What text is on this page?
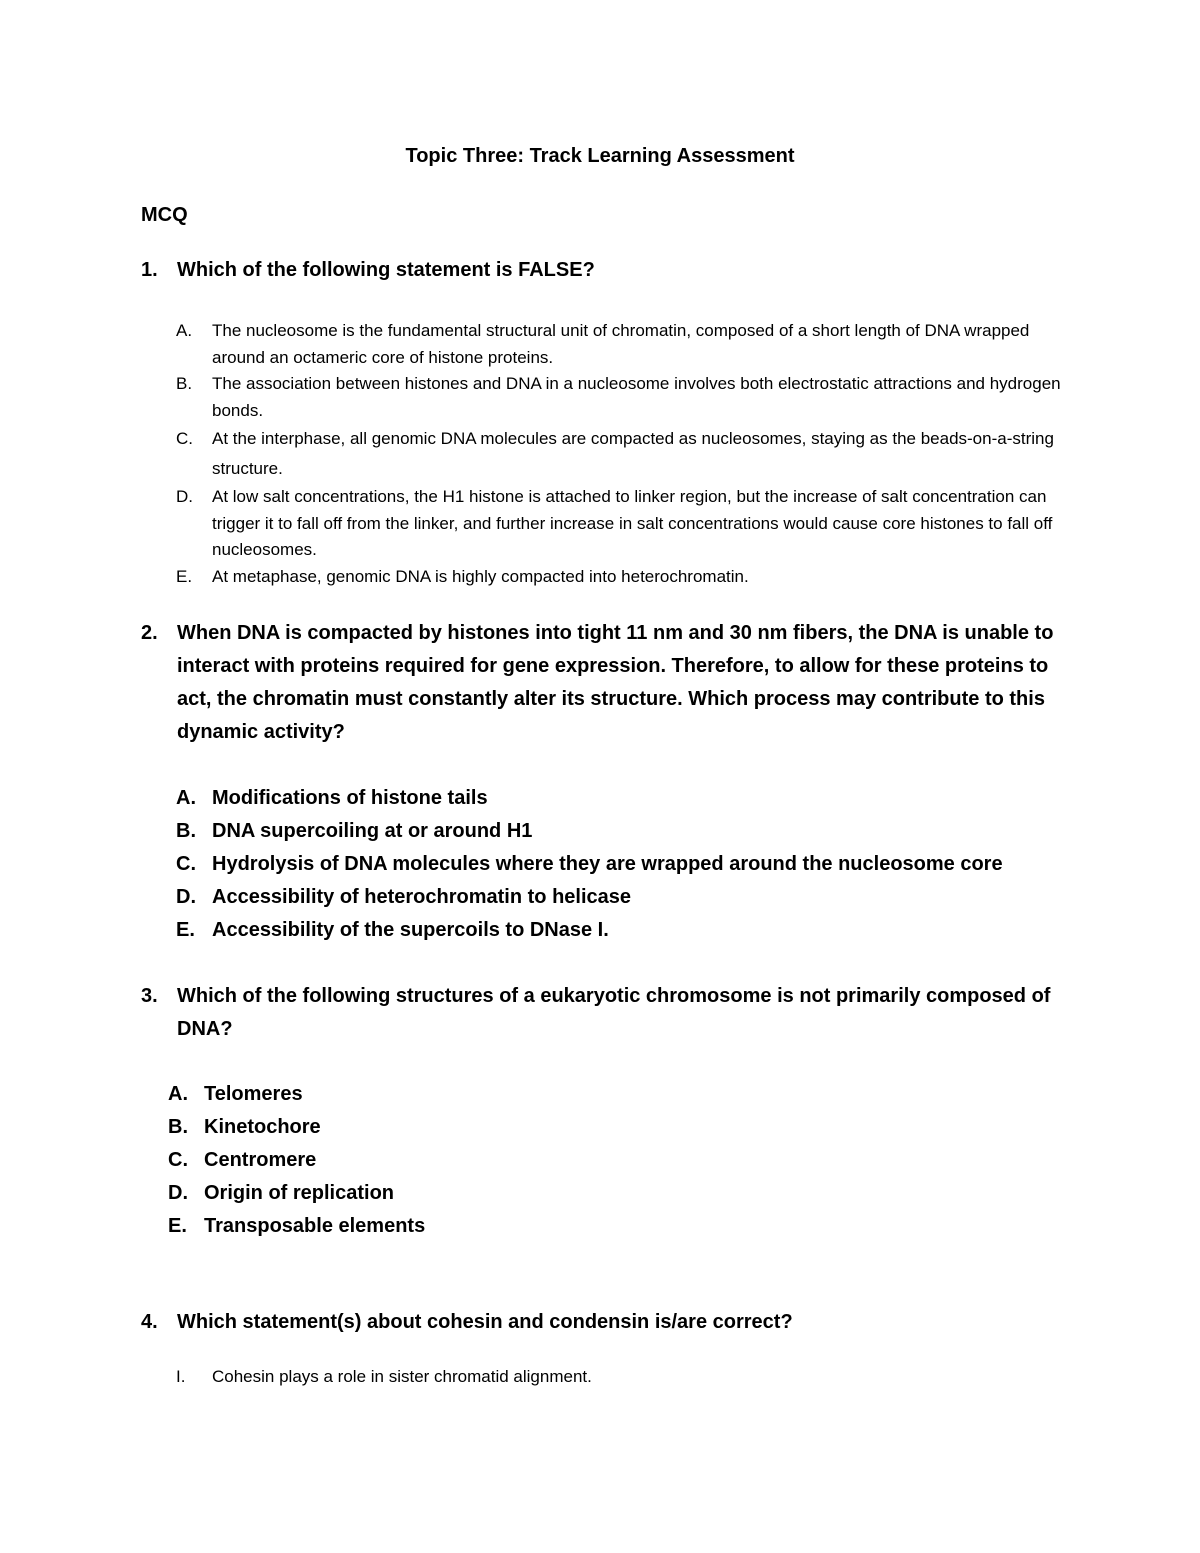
Topic Three: Track Learning Assessment
MCQ
1. Which of the following statement is FALSE?
A. The nucleosome is the fundamental structural unit of chromatin, composed of a short length of DNA wrapped around an octameric core of histone proteins.
B. The association between histones and DNA in a nucleosome involves both electrostatic attractions and hydrogen bonds.
C. At the interphase, all genomic DNA molecules are compacted as nucleosomes, staying as the beads-on-a-string structure.
D. At low salt concentrations, the H1 histone is attached to linker region, but the increase of salt concentration can trigger it to fall off from the linker, and further increase in salt concentrations would cause core histones to fall off nucleosomes.
E. At metaphase, genomic DNA is highly compacted into heterochromatin.
2. When DNA is compacted by histones into tight 11 nm and 30 nm fibers, the DNA is unable to interact with proteins required for gene expression. Therefore, to allow for these proteins to act, the chromatin must constantly alter its structure. Which process may contribute to this dynamic activity?
A. Modifications of histone tails
B. DNA supercoiling at or around H1
C. Hydrolysis of DNA molecules where they are wrapped around the nucleosome core
D. Accessibility of heterochromatin to helicase
E. Accessibility of the supercoils to DNase I.
3. Which of the following structures of a eukaryotic chromosome is not primarily composed of DNA?
A. Telomeres
B. Kinetochore
C. Centromere
D. Origin of replication
E. Transposable elements
4. Which statement(s) about cohesin and condensin is/are correct?
I. Cohesin plays a role in sister chromatid alignment.
